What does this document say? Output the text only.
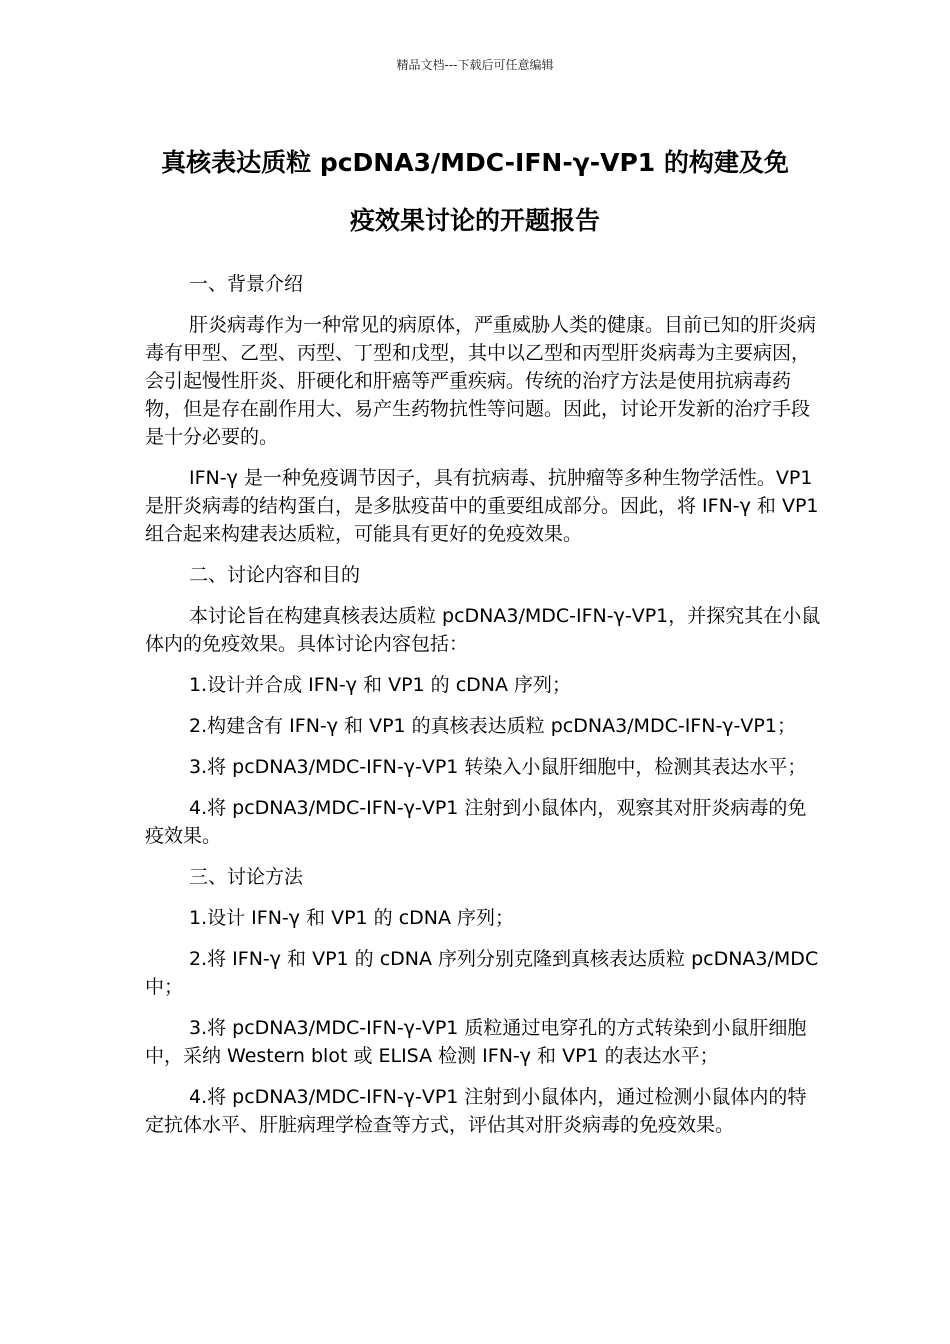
精品文档---下载后可任意编辑
真核表达质粒 pcDNA3/MDC-IFN-γ-VP1 的构建及免
疫效果讨论的开题报告

一、背景介绍

肝炎病毒作为一种常见的病原体，严重威胁人类的健康。目前已知的肝炎病毒有甲型、乙型、丙型、丁型和戊型，其中以乙型和丙型肝炎病毒为主要病因，会引起慢性肝炎、肝硬化和肝癌等严重疾病。传统的治疗方法是使用抗病毒药物，但是存在副作用大、易产生药物抗性等问题。因此，讨论开发新的治疗手段是十分必要的。

IFN-γ 是一种免疫调节因子，具有抗病毒、抗肿瘤等多种生物学活性。VP1 是肝炎病毒的结构蛋白，是多肽疫苗中的重要组成部分。因此，将 IFN-γ 和 VP1 组合起来构建表达质粒，可能具有更好的免疫效果。

二、讨论内容和目的

本讨论旨在构建真核表达质粒 pcDNA3/MDC-IFN-γ-VP1，并探究其在小鼠体内的免疫效果。具体讨论内容包括：

1.设计并合成 IFN-γ 和 VP1 的 cDNA 序列；

2.构建含有 IFN-γ 和 VP1 的真核表达质粒 pcDNA3/MDC-IFN-γ-VP1；

3.将 pcDNA3/MDC-IFN-γ-VP1 转染入小鼠肝细胞中，检测其表达水平；

4.将 pcDNA3/MDC-IFN-γ-VP1 注射到小鼠体内，观察其对肝炎病毒的免疫效果。

三、讨论方法

1.设计 IFN-γ 和 VP1 的 cDNA 序列；

2.将 IFN-γ 和 VP1 的 cDNA 序列分别克隆到真核表达质粒 pcDNA3/MDC 中；

3.将 pcDNA3/MDC-IFN-γ-VP1 质粒通过电穿孔的方式转染到小鼠肝细胞中，采纳 Western blot 或 ELISA 检测 IFN-γ 和 VP1 的表达水平；

4.将 pcDNA3/MDC-IFN-γ-VP1 注射到小鼠体内，通过检测小鼠体内的特定抗体水平、肝脏病理学检查等方式，评估其对肝炎病毒的免疫效果。
